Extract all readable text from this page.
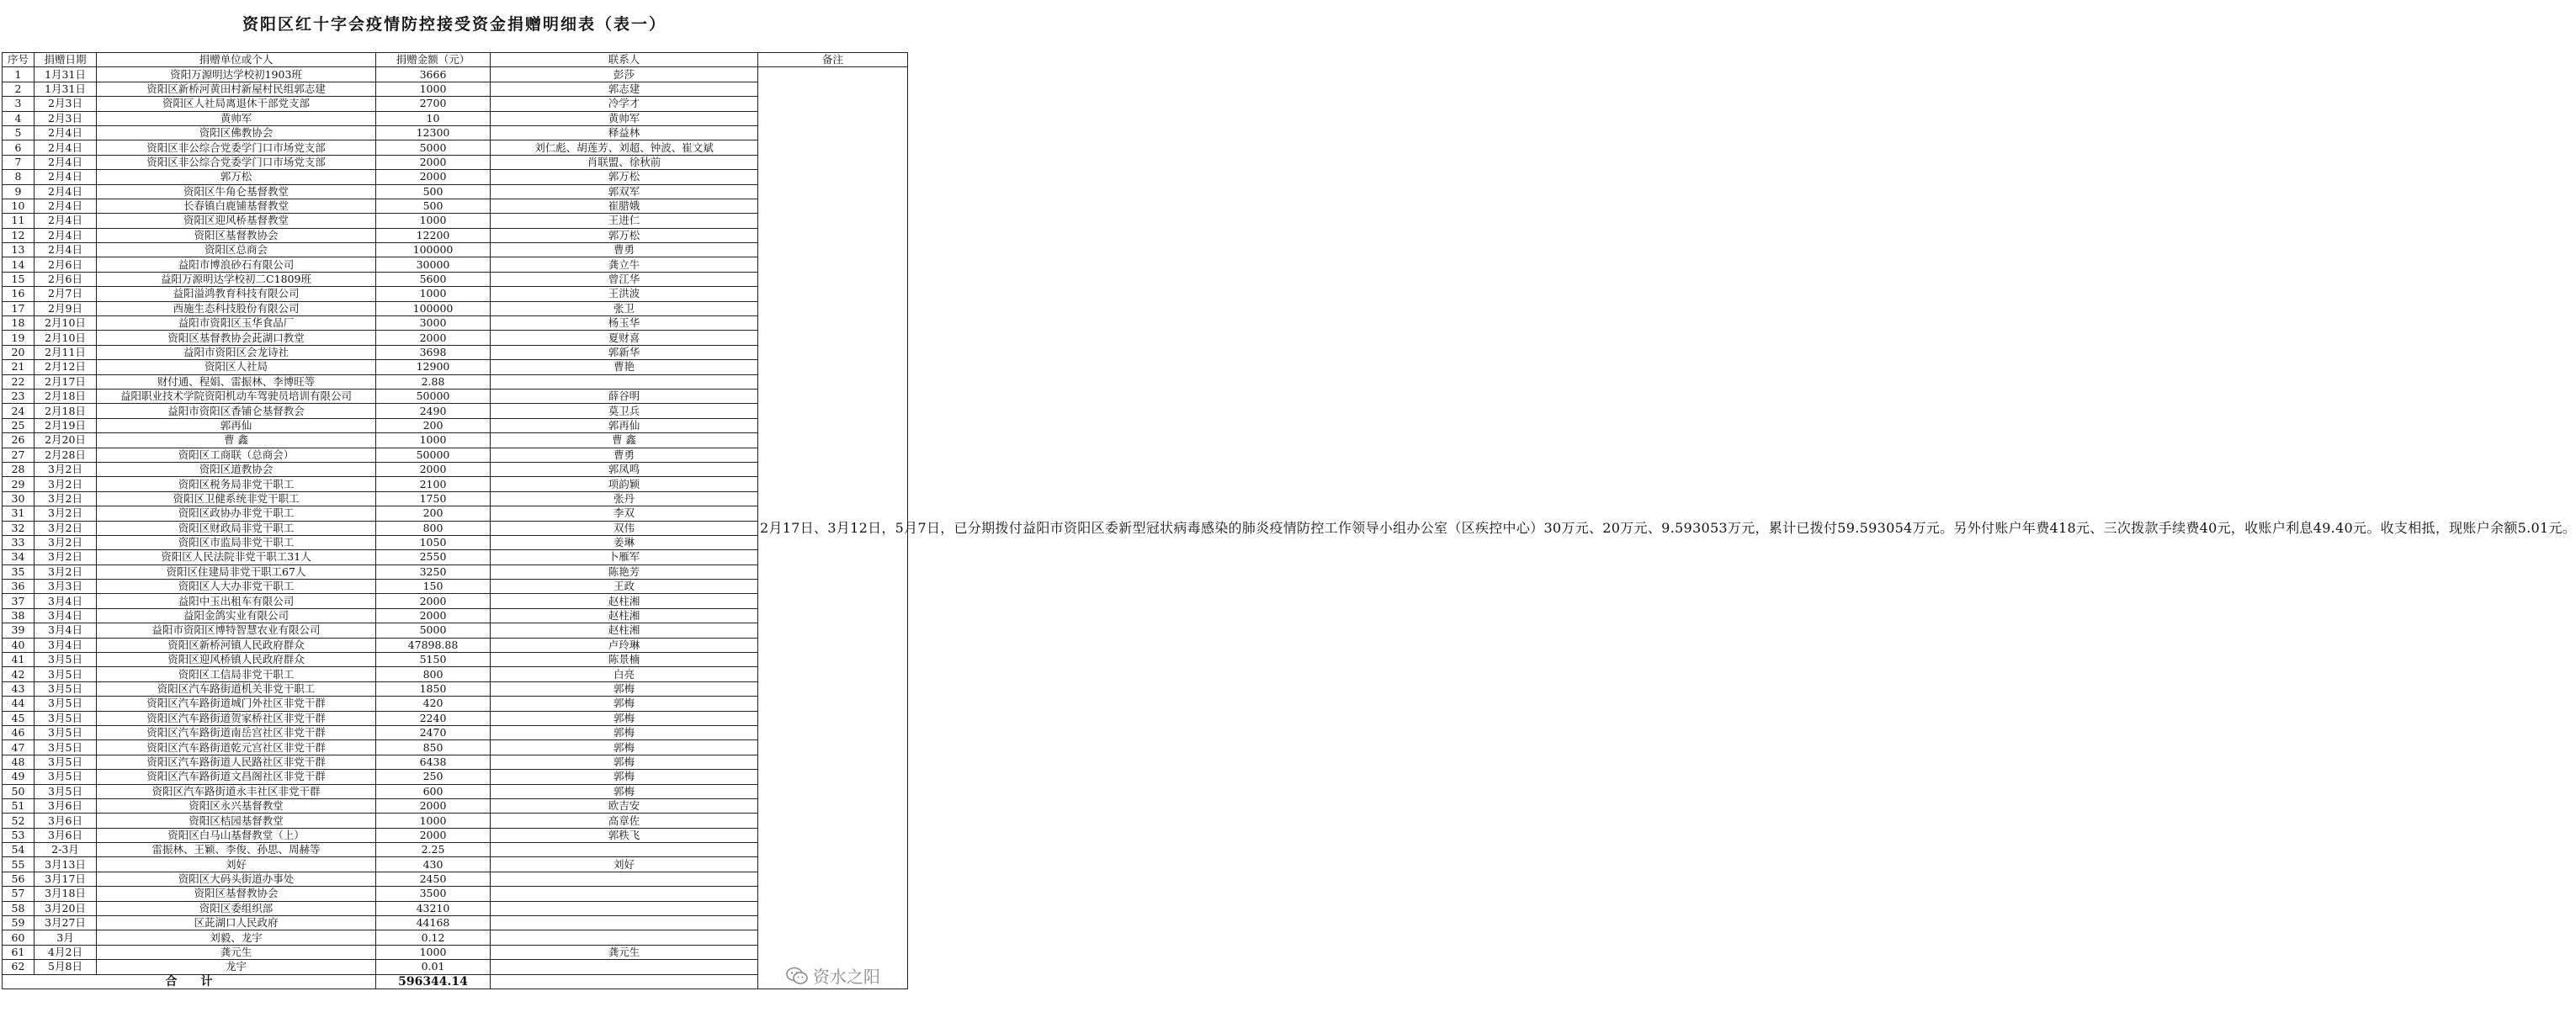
资阳区红十字会疫情防控接受资金捐赠明细表（表一）
序号	捐赠日期	捐赠单位或个人	捐赠金额（元）	联系人	备注
1	1月31日	资阳万源明达学校初1903班	3666	彭莎	2月17日、3月12日，5月7日，已分期拨付益阳市资阳区委新型冠状病毒感染的肺炎疫情防控工作领导小组办公室（区疾控中心）30万元、20万元、9.593053万元，累计已拨付59.593054万元。另外付账户年费418元、三次拨款手续费40元，收账户利息49.40元。收支相抵，现账户余额5.01元。
2	1月31日	资阳区新桥河黄田村新屋村民组郭志建	1000	郭志建	
3	2月3日	资阳区人社局离退休干部党支部	2700	冷学才	
4	2月3日	黄帅军	10	黄帅军	
5	2月4日	资阳区佛教协会	12300	释益林	
6	2月4日	资阳区非公综合党委学门口市场党支部	5000	刘仁彪、胡莲芳、刘超、钟波、崔文斌	
7	2月4日	资阳区非公综合党委学门口市场党支部	2000	肖联盟、徐秋前	
8	2月4日	郭万松	2000	郭万松	
9	2月4日	资阳区牛角仑基督教堂	500	郭双军	
10	2月4日	长春镇白鹿铺基督教堂	500	崔腊娥	
11	2月4日	资阳区迎风桥基督教堂	1000	王进仁	
12	2月4日	资阳区基督教协会	12200	郭万松	
13	2月4日	资阳区总商会	100000	曹勇	
14	2月6日	益阳市博浪砂石有限公司	30000	龚立牛	
15	2月6日	益阳万源明达学校初二C1809班	5600	曾江华	
16	2月7日	益阳溢鸿教育科技有限公司	1000	王洪波	
17	2月9日	西施生态科技股份有限公司	100000	张卫	
18	2月10日	益阳市资阳区玉华食品厂	3000	杨玉华	
19	2月10日	资阳区基督教协会茈湖口教堂	2000	夏财喜	
20	2月11日	益阳市资阳区会龙诗社	3698	郭新华	
21	2月12日	资阳区人社局	12900	曹艳	
22	2月17日	财付通、程娟、雷振林、李博旺等	2.88		
23	2月18日	益阳职业技术学院资阳机动车驾驶员培训有限公司	50000	薛谷明	
24	2月18日	益阳市资阳区香铺仑基督教会	2490	莫卫兵	
25	2月19日	郭再仙	200	郭再仙	
26	2月20日	曹 鑫	1000	曹 鑫	
27	2月28日	资阳区工商联（总商会）	50000	曹勇	
28	3月2日	资阳区道教协会	2000	郭凤鸣	
29	3月2日	资阳区税务局非党干职工	2100	项韵颖	
30	3月2日	资阳区卫健系统非党干职工	1750	张丹	
31	3月2日	资阳区政协办非党干职工	200	李双	
32	3月2日	资阳区财政局非党干职工	800	双伟	
33	3月2日	资阳区市监局非党干职工	1050	姜琳	
34	3月2日	资阳区人民法院非党干职工31人	2550	卜雁军	
35	3月2日	资阳区住建局非党干职工67人	3250	陈艳芳	
36	3月3日	资阳区人大办非党干职工	150	王政	
37	3月4日	益阳中玉出租车有限公司	2000	赵柱湘	
38	3月4日	益阳金鸽实业有限公司	2000	赵柱湘	
39	3月4日	益阳市资阳区博特智慧农业有限公司	5000	赵柱湘	
40	3月4日	资阳区新桥河镇人民政府群众	47898.88	卢玲琳	
41	3月5日	资阳区迎风桥镇人民政府群众	5150	陈景楠	
42	3月5日	资阳区工信局非党干职工	800	白亮	
43	3月5日	资阳区汽车路街道机关非党干职工	1850	郭梅	
44	3月5日	资阳区汽车路街道城门外社区非党干群	420	郭梅	
45	3月5日	资阳区汽车路街道贺家桥社区非党干群	2240	郭梅	
46	3月5日	资阳区汽车路街道南岳宫社区非党干群	2470	郭梅	
47	3月5日	资阳区汽车路街道乾元宫社区非党干群	850	郭梅	
48	3月5日	资阳区汽车路街道人民路社区非党干群	6438	郭梅	
49	3月5日	资阳区汽车路街道文昌阁社区非党干群	250	郭梅	
50	3月5日	资阳区汽车路街道永丰社区非党干群	600	郭梅	
51	3月6日	资阳区永兴基督教堂	2000	欧吉安	
52	3月6日	资阳区桔园基督教堂	1000	高章佐	
53	3月6日	资阳区白马山基督教堂（上）	2000	郭秩飞	
54	2-3月	雷振林、王颖、李俊、孙思、周赫等	2.25		
55	3月13日	刘好	430	刘好	
56	3月17日	资阳区大码头街道办事处	2450		
57	3月18日	资阳区基督教协会	3500		
58	3月20日	资阳区委组织部	43210		
59	3月27日	区茈湖口人民政府	44168		
60	3月	刘毅、龙宇	0.12		
61	4月2日	龚元生	1000	龚元生	
62	5月8日	龙宇	0.01		
合　　计			596344.14			资水之阳
